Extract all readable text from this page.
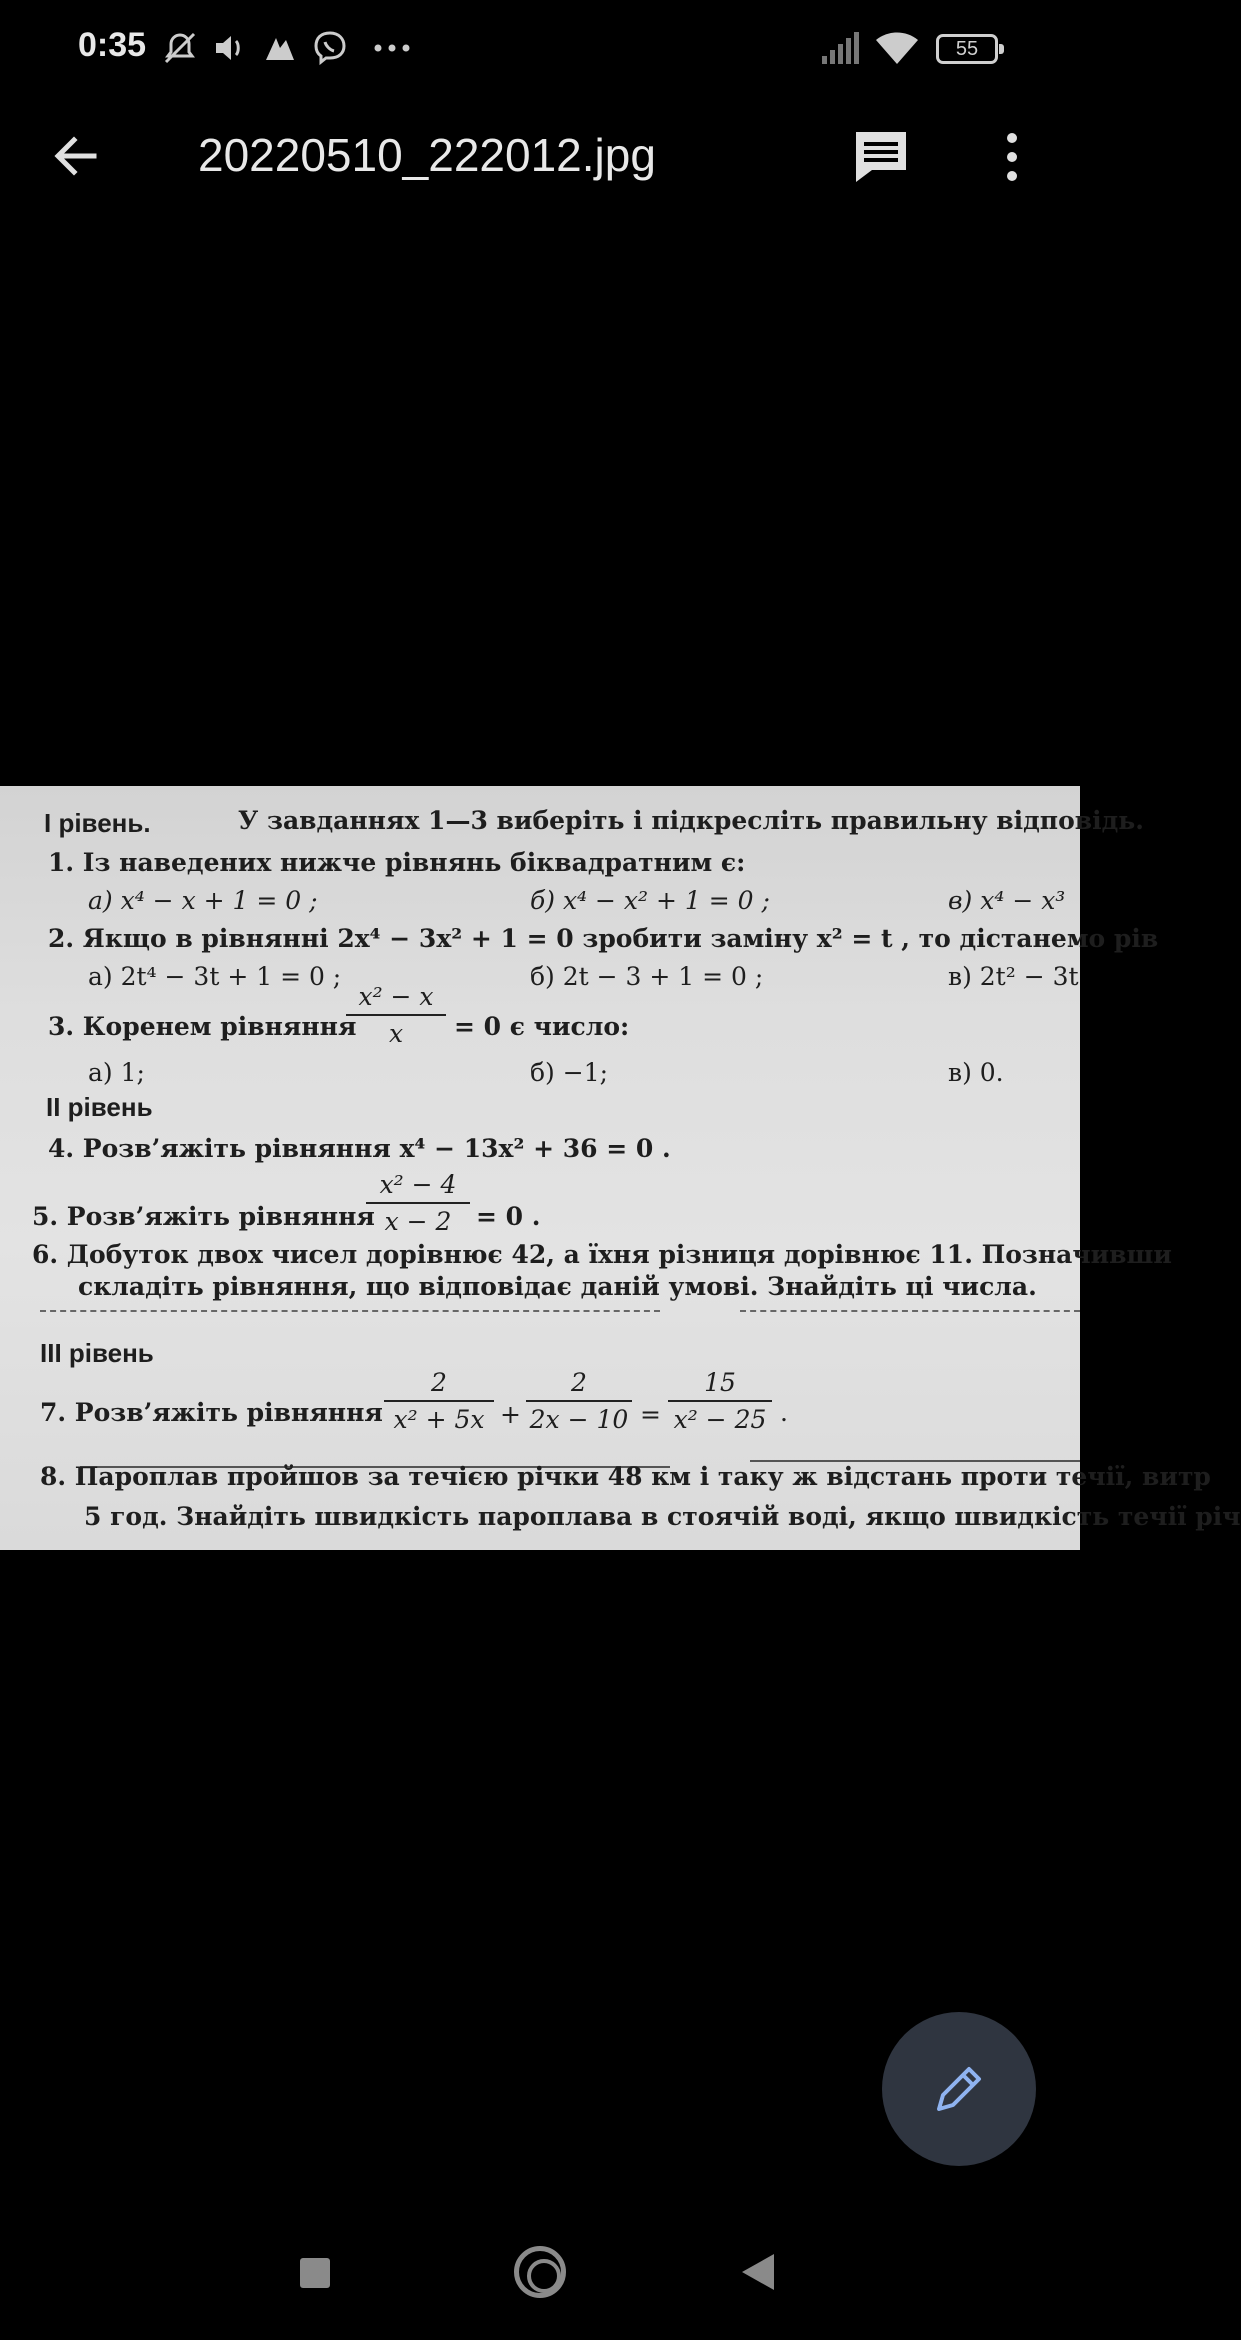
0:35	55
20220510_222012.jpg
I рівень.	У завданнях 1—3 виберіть і підкресліть правильну відповідь.
1. Із наведених нижче рівнянь біквадратним є:
а) x⁴ − x + 1 = 0 ;	б) x⁴ − x² + 1 = 0 ;	в) x⁴ − x³
2. Якщо в рівнянні 2x⁴ − 3x² + 1 = 0 зробити заміну x² = t , то дістанемо рів
а) 2t⁴ − 3t + 1 = 0 ;	б) 2t − 3 + 1 = 0 ;	в) 2t² − 3t
3. Коренем рівняння
x² − x
x	= 0 є число:
а) 1;	б) −1;	в) 0.
II рівень
4. Розв’яжіть рівняння x⁴ − 13x² + 36 = 0 .
5. Розв’яжіть рівняння
x² − 4
x − 2 = 0 .
6. Добуток двох чисел дорівнює 42, а їхня різниця дорівнює 11. Позначивши
складіть рівняння, що відповідає даній умові. Знайдіть ці числа.
III рівень
7. Розв’яжіть рівняння
2
x² + 5x +
2
2x − 10 =
15
x² − 25 .
8. Пароплав пройшов за течією річки 48 км і таку ж відстань проти течії, витр
5 год. Знайдіть швидкість пароплава в стоячій воді, якщо швидкість течії річ
